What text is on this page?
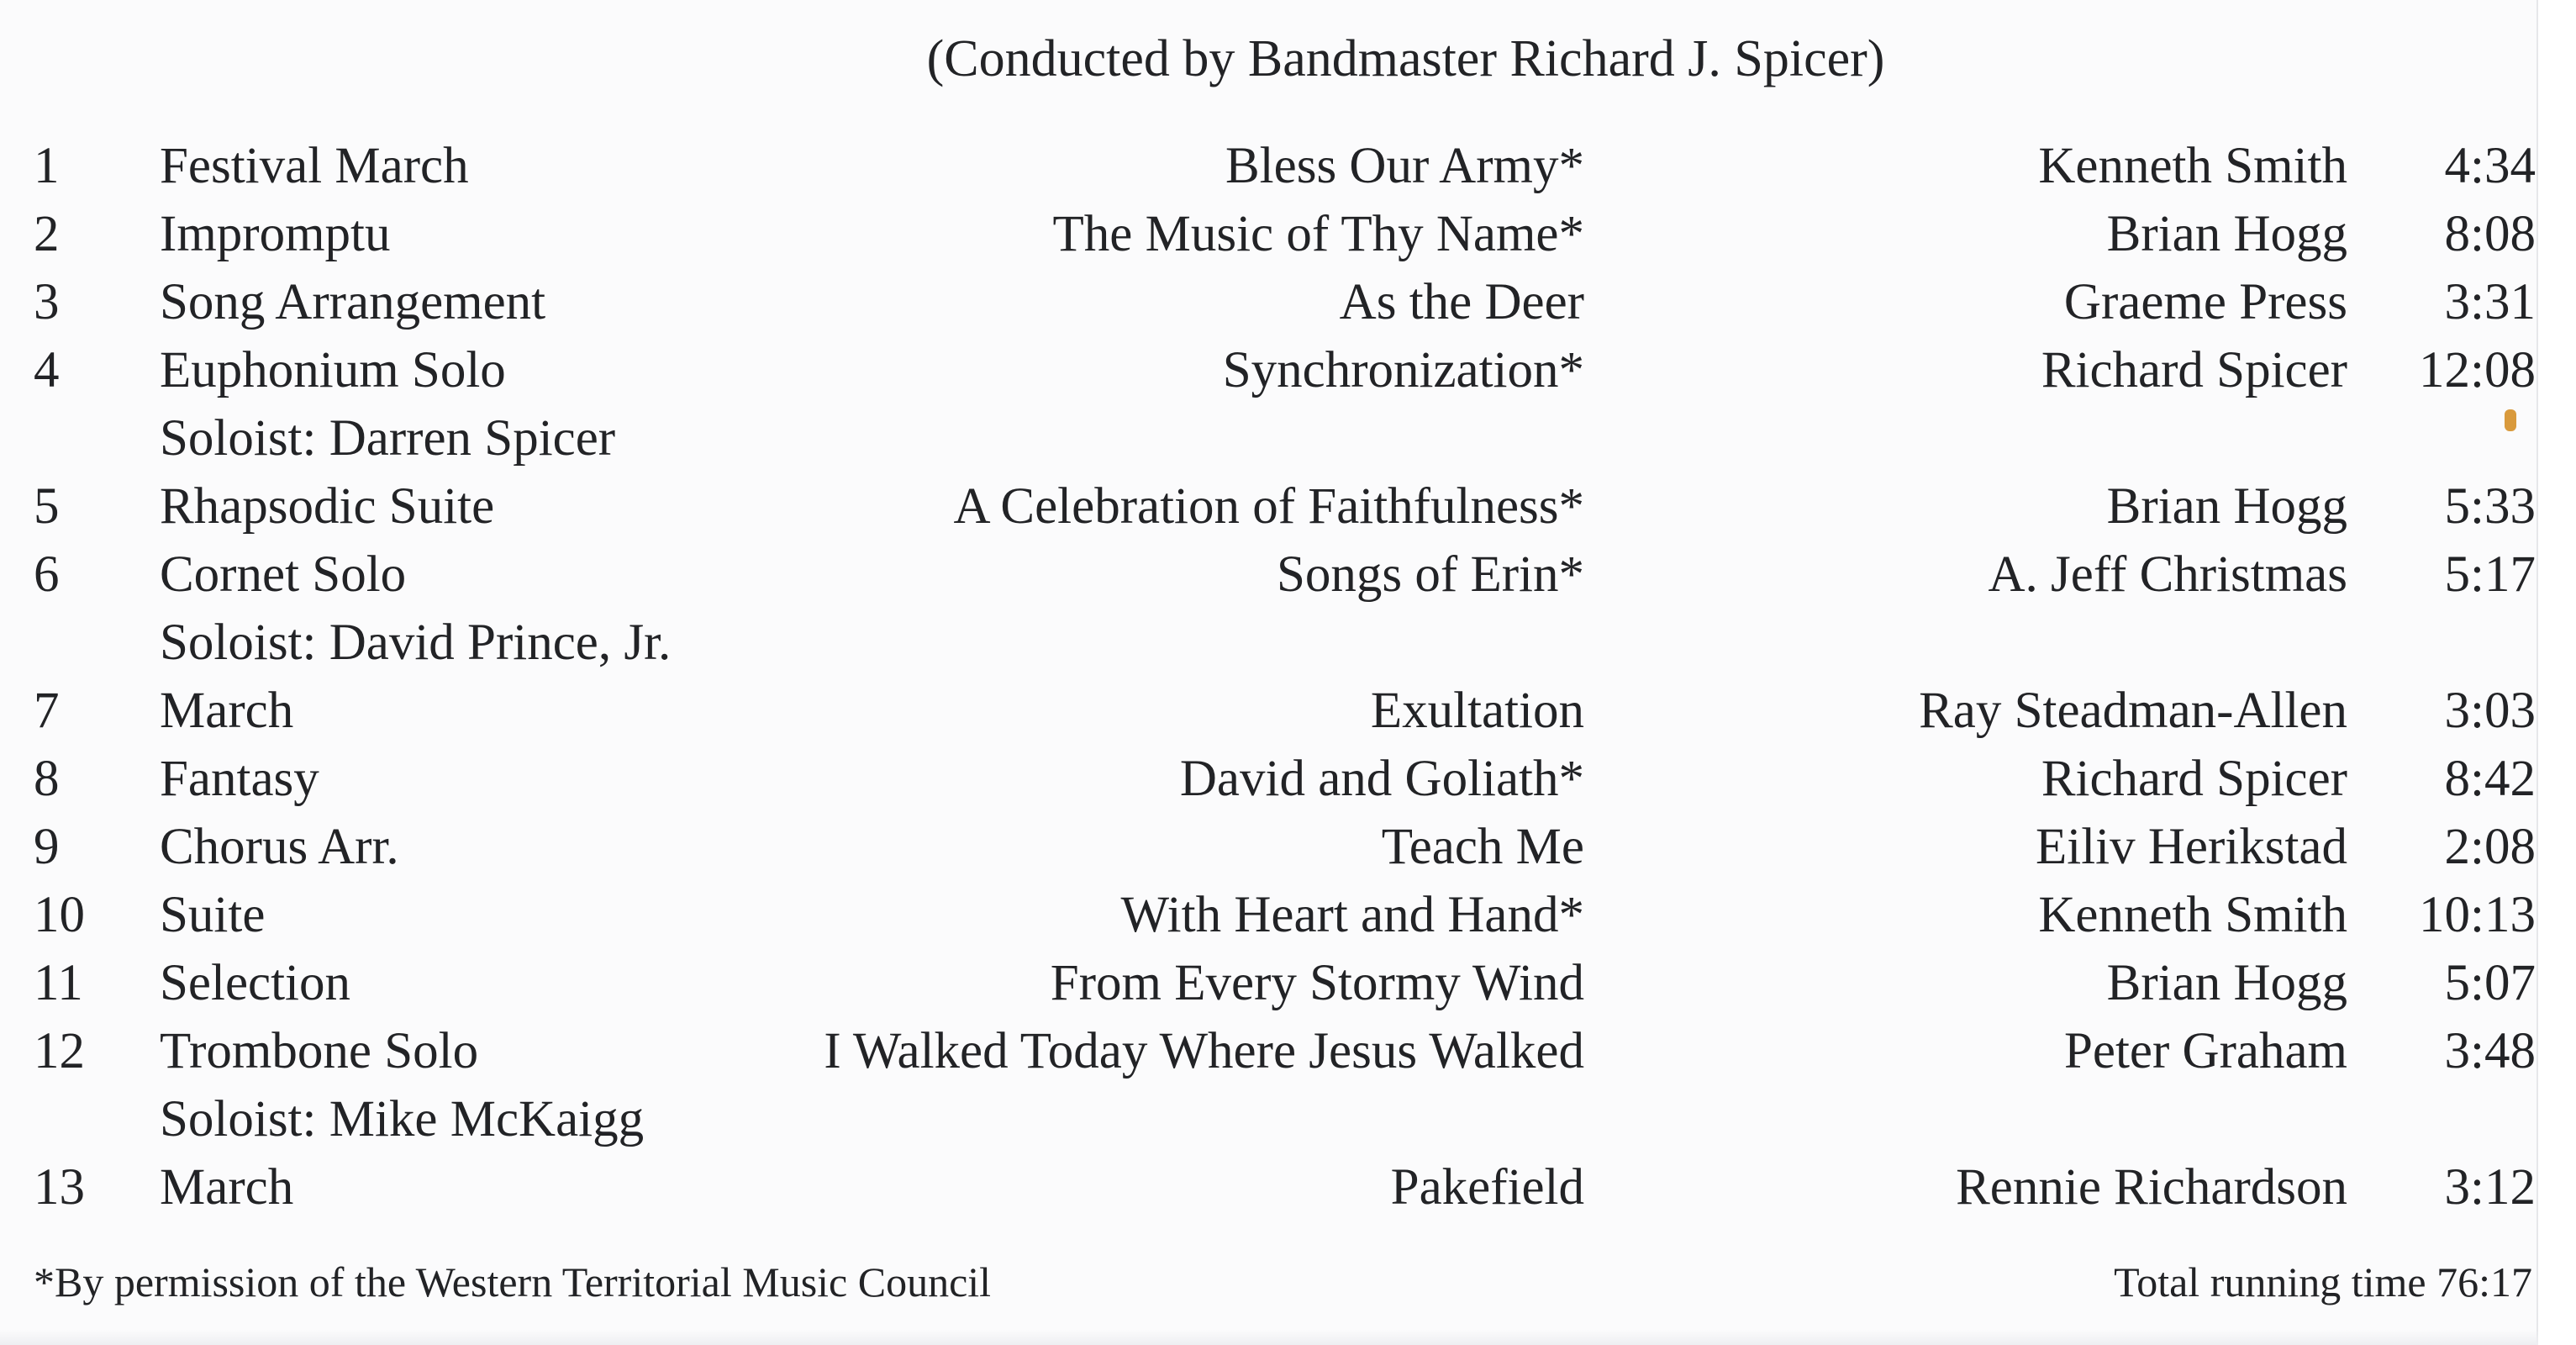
(Conducted by Bandmaster Richard J. Spicer)
1 Festival March	Bless Our Army*	Kenneth Smith 4:34
2 Impromptu	The Music of Thy Name*	Brian Hogg 8:08
3 Song Arrangement	As the Deer	Graeme Press 3:31
4 Euphonium Solo	Synchronization*	Richard Spicer 12:08
Soloist: Darren Spicer
5 Rhapsodic Suite	A Celebration of Faithfulness*	Brian Hogg 5:33
6 Cornet Solo	Songs of Erin*	A. Jeff Christmas 5:17
Soloist: David Prince, Jr.
7 March	Exultation	Ray Steadman-Allen 3:03
8 Fantasy	David and Goliath*	Richard Spicer 8:42
9 Chorus Arr.	Teach Me	Eiliv Herikstad 2:08
10 Suite	With Heart and Hand*	Kenneth Smith 10:13
11 Selection	From Every Stormy Wind	Brian Hogg 5:07
12 Trombone Solo	I Walked Today Where Jesus Walked	Peter Graham 3:48
Soloist: Mike McKaigg
13 March	Pakefield	Rennie Richardson 3:12
*By permission of the Western Territorial Music Council	Total running time 76:17
